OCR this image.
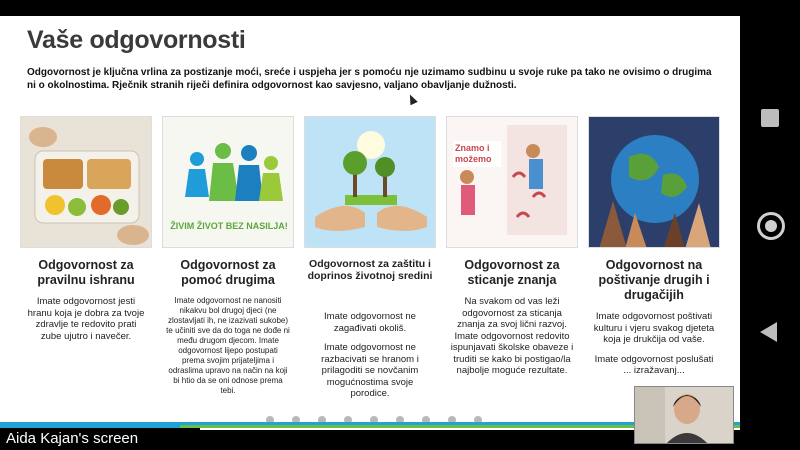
Vaše odgovornosti
Odgovornost je ključna vrlina za postizanje moći, sreće i uspjeha jer s pomoću nje uzimamo sudbinu u svoje ruke pa tako ne ovisimo o drugima ni o okolnostima. Rječnik stranih riječi definira odgovornost kao savjesno, valjano obavljanje dužnosti.
Odgovornost za pravilnu ishranu

Imate odgovornost jesti hranu koja je dobra za tvoje zdravlje te redovito prati zube ujutro i navečer.

ŽIVIM ŽIVOT BEZ NASILJA!
Odgovornost za pomoć drugima

Imate odgovornost ne nanositi nikakvu bol drugoj djeci (ne zlostavljati ih, ne izazivati sukobe) te učiniti sve da do toga ne dođe ni među drugom djecom. Imate odgovornost lijepo postupati prema svojim prijateljima i odraslima upravo na način na koji bi htio da se oni odnose prema tebi.

Odgovornost za zaštitu i doprinos životnoj sredini

Imate odgovornost ne zagađivati okoliš.

Imate odgovornost ne razbacivati se hranom i prilagoditi se novčanim mogućnostima svoje porodice.

Znamo i možemo
Odgovornost za sticanje znanja

Na svakom od vas leži odgovornost za sticanja znanja za svoj lični razvoj. Imate odgovornost redovito ispunjavati školske obaveze i truditi se kako bi postigao/la najbolje moguće rezultate.

Odgovornost na poštivanje drugih i drugačijih

Imate odgovornost poštivati kulturu i vjeru svakog djeteta koja je drukčija od vaše.

Imate odgovornost poslušati ... izražavanj...

Aida Kajan's screen
